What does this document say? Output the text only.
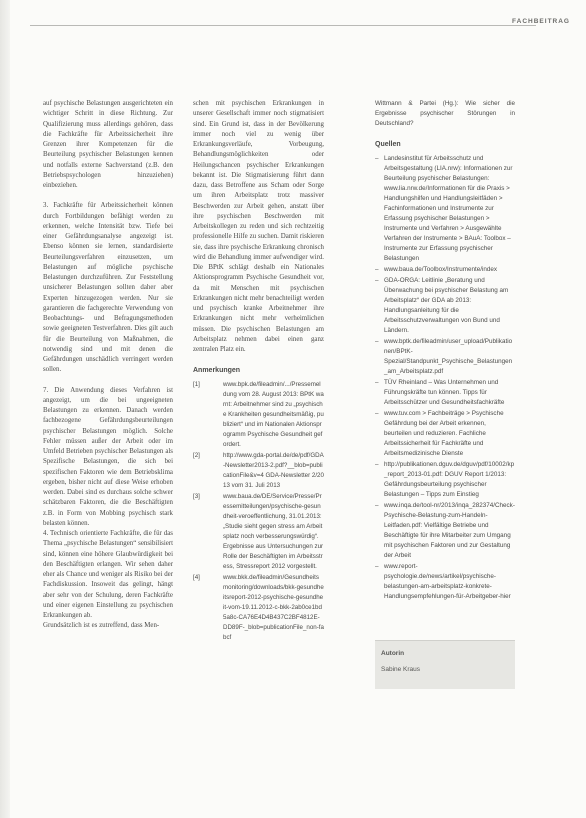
FACHBEITRAG

auf psychische Belastungen ausgerichteten ein wichtiger Schritt in diese Richtung. Zur Qualifizierung muss allerdings gehören, dass die Fachkräfte für Arbeitssicherheit ihre Grenzen ihrer Kompetenzen für die Beurteilung psychischer Belastungen kennen und notfalls externe Sachverstand (z.B. den Betriebspsychologen hinzuziehen) einbeziehen.

3. Fachkräfte für Arbeitssicherheit können durch Fortbildungen befähigt werden zu erkennen, welche Intensität bzw. Tiefe bei einer Gefährdungsanalyse angezeigt ist. Ebenso können sie lernen, standardisierte Beurteilungsverfahren einzusetzen, um Belastungen auf mögliche psychische Belastungen durchzuführen. Zur Feststellung unsicherer Belastungen sollten daher aber Experten hinzugezogen werden. Nur sie garantieren die fachgerechte Verwendung von Beobachtungs- und Befragungsmethoden sowie geeigneten Testverfahren. Dies gilt auch für die Beurteilung von Maßnahmen, die notwendig sind und mit denen die Gefährdungen unschädlich verringert werden sollen.

7. Die Anwendung dieses Verfahren ist angezeigt, um die bei ungeeigneten Belastungen zu erkennen. Danach werden fachbezogene Gefährdungsbeurteilungen psychischer Belastungen möglich. Solche Fehler müssen außer der Arbeit oder im Umfeld Betrieben psychischer Belastungen als Spezifische Belastungen, die sich bei spezifischen Faktoren wie dem Betriebsklima ergeben, bisher nicht auf diese Weise erhoben werden. Dabei sind es durchaus solche schwer schätzbaren Faktoren, die die Beschäftigten z.B. in Form von Mobbing psychisch stark belasten können.

4. Technisch orientierte Fachkräfte, die für das Thema „psychische Belastungen“ sensibilisiert sind, können eine höhere Glaubwürdigkeit bei den Beschäftigten erlangen. Wir sehen daher eher als Chance und weniger als Risiko bei der Fachdiskussion. Insoweit das gelingt, hängt aber sehr von der Schulung, deren Fachkräfte und einer eigenen Einstellung zu psychischen Erkrankungen ab.

Grundsätzlich ist es zutreffend, dass Men-

schen mit psychischen Erkrankungen in unserer Gesellschaft immer noch stigmatisiert sind. Ein Grund ist, dass in der Bevölkerung immer noch viel zu wenig über Erkrankungsverläufe, Vorbeugung, Behandlungsmöglichkeiten oder Heilungschancen psychischer Erkrankungen bekannt ist. Die Stigmatisierung führt dann dazu, dass Betroffene aus Scham oder Sorge um ihren Arbeitsplatz trotz massiver Beschwerden zur Arbeit gehen, anstatt über ihre psychischen Beschwerden mit Arbeitskollegen zu reden und sich rechtzeitig professionelle Hilfe zu suchen. Damit riskieren sie, dass ihre psychische Erkrankung chronisch wird die Behandlung immer aufwendiger wird. Die BPtK schlägt deshalb ein Nationales Aktionsprogramm Psychische Gesundheit vor, da mit Menschen mit psychischen Erkrankungen nicht mehr benachteiligt werden und psychisch kranke Arbeitnehmer ihre Erkrankungen nicht mehr verheimlichen müssen. Die psychischen Belastungen am Arbeitsplatz nehmen dabei einen ganz zentralen Platz ein.

Anmerkungen
[1]	www.bpk.de/fileadmin/.../Pressemeldung vom 28. August 2013: BPtK warnt: Arbeitnehmer sind zu „psychische Krankheiten gesundheitsmäßig, publiziert“ und im Nationalen Aktionsprogramm Psychische Gesundheit gefordert.
[2]	http://www.gda-portal.de/de/pdf/GDA-Newsletter2013-2.pdf?__blob=publicationFile&v=4 GDA-Newsletter 2/2013 vom 31. Juli 2013
[3]	www.baua.de/DE/Service/Presse/Pressemitteilungen/psychische-gesundheit-veroeffentlichung, 31.01.2013: „Studie sieht gegen stress am Arbeitsplatz noch verbesserungswürdig“. Ergebnisse aus Untersuchungen zur Rolle der Beschäftigten im Arbeitsstress, Stressreport 2012 vorgestellt.
[4]	www.bkk.de/fileadmin/Gesundheitsmonitoring/downloads/bkk-gesundheitsreport-2012-psychische-gesundheit-vom-19.11.2012-c-bkk-2ab0ce1bd5a8c-CA76E4D4B437C2BF4812E-DD89F-_blob=publicationFile_non-fabcf

Wittmann & Partei (Hg.): Wie sicher die Ergebnisse psychischer Störungen in Deutschland?

Quellen
– Landesinstitut für Arbeitsschutz und Arbeitsgestaltung (LIA.nrw): Informationen zur Beurteilung psychischer Belastungen: www.lia.nrw.de/Informationen für die Praxis > Handlungshilfen und Handlungsleitfäden > Fachinformationen und Instrumente zur Erfassung psychischer Belastungen > Instrumente und Verfahren > Ausgewählte Verfahren der Instrumente > BAuA: Toolbox – Instrumente zur Erfassung psychischer Belastungen
– www.baua.de/Toolbox/Instrumente/index
– GDA-ORGA: Leitlinie „Beratung und Überwachung bei psychischer Belastung am Arbeitsplatz“ der GDA ab 2013: Handlungsanleitung für die Arbeitsschutzverwaltungen von Bund und Ländern.
– www.bptk.de/fileadmin/user_upload/Publikationen/BPtK-Spezial/Standpunkt_Psychische_Belastungen_am_Arbeitsplatz.pdf
– TÜV Rheinland – Was Unternehmen und Führungskräfte tun können. Tipps für Arbeitsschützer und Gesundheitsfachkräfte
– www.tuv.com > Fachbeiträge > Psychische Gefährdung bei der Arbeit erkennen, beurteilen und reduzieren. Fachliche Arbeitssicherheit für Fachkräfte und Arbeitsmedizinische Dienste
– http://publikationen.dguv.de/dguv/pdf/10002/kp_report_2013-01.pdf: DGUV Report 1/2013: Gefährdungsbeurteilung psychischer Belastungen – Tipps zum Einstieg
– www.inqa.de/tool-nr/2013/inqa_282374/Check-Psychische-Belastung-zum-Handeln-Leitfaden.pdf: Vielfältige Betriebe und Beschäftigte für ihre Mitarbeiter zum Umgang mit psychischen Faktoren und zur Gestaltung der Arbeit
– www.report-psychologie.de/news/artikel/psychische-belastungen-am-arbeitsplatz-konkrete-Handlungsempfehlungen-für-Arbeitgeber-hier
Autorin
Sabine Kraus
